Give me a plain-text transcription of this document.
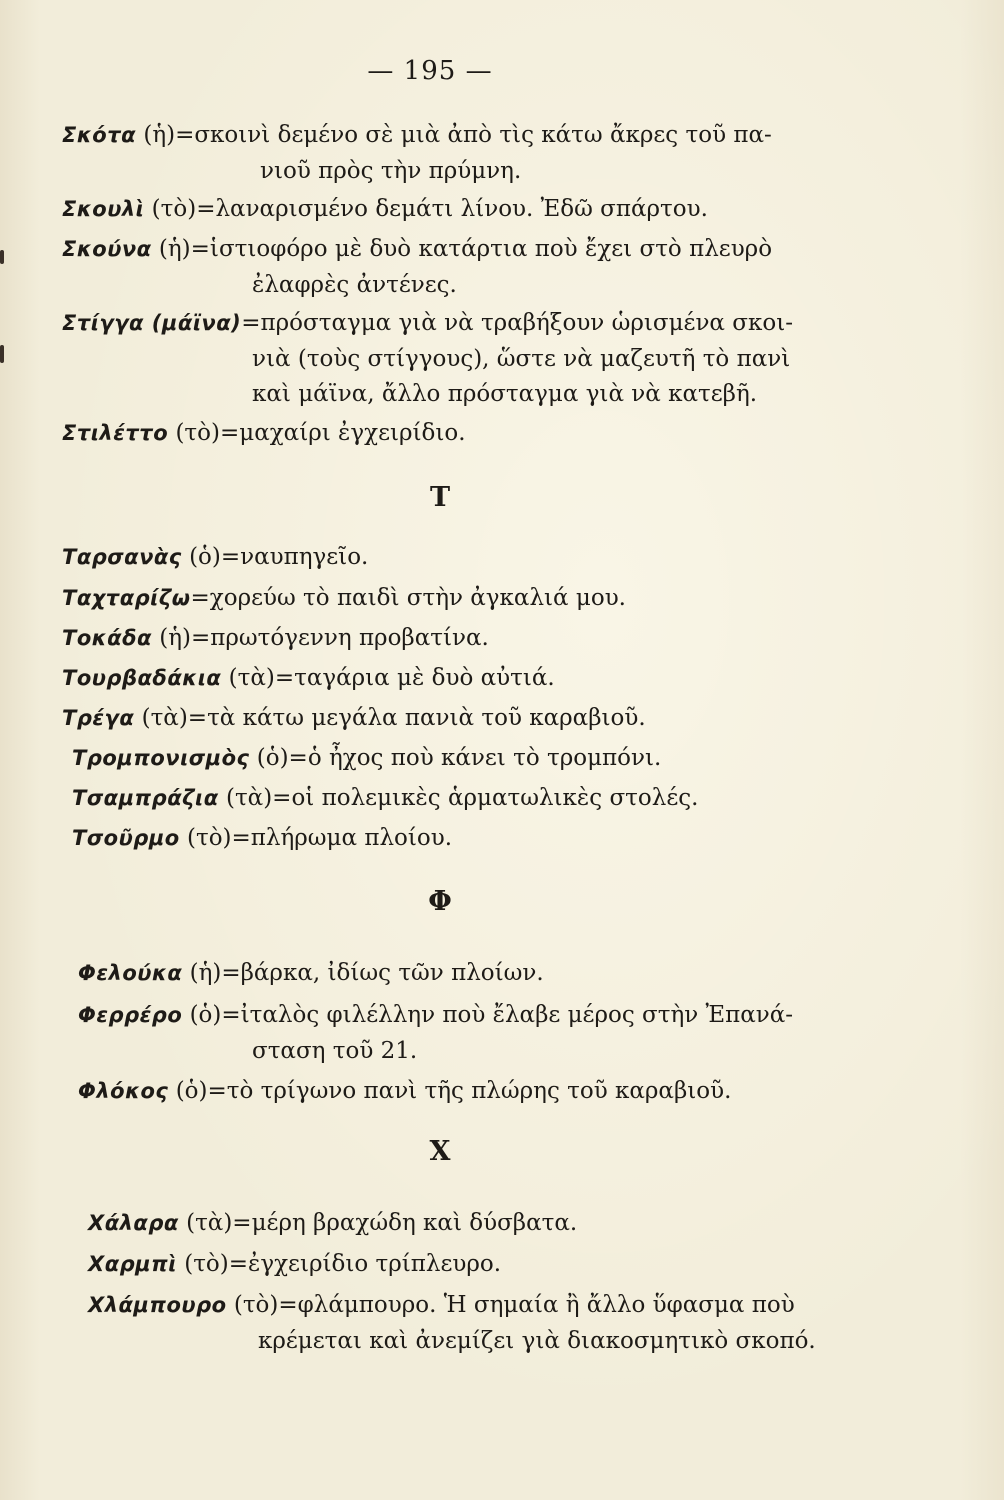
— 195 —
Σκότα (ἡ)=σκοινὶ δεμένο σὲ μιὰ ἀπὸ τὶς κάτω ἄκρες τοῦ πα-
νιοῦ πρὸς τὴν πρύμνη.
Σκουλὶ (τὸ)=λαναρισμένο δεμάτι λίνου. Ἐδῶ σπάρτου.
Σκούνα (ἡ)=ἱστιοφόρο μὲ δυὸ κατάρτια ποὺ ἔχει στὸ πλευρὸ
ἐλαφρὲς ἀντένες.
Στίγγα (μάϊνα)=πρόσταγμα γιὰ νὰ τραβήξουν ὡρισμένα σκοι-
νιὰ (τοὺς στίγγους), ὥστε νὰ μαζευτῆ τὸ πανὶ
καὶ μάϊνα, ἄλλο πρόσταγμα γιὰ νὰ κατεβῆ.
Στιλέττο (τὸ)=μαχαίρι ἐγχειρίδιο.
Τ
Ταρσανὰς (ὁ)=ναυπηγεῖο.
Ταχταρίζω=χορεύω τὸ παιδὶ στὴν ἀγκαλιά μου.
Τοκάδα (ἡ)=πρωτόγεννη προβατίνα.
Τουρβαδάκια (τὰ)=ταγάρια μὲ δυὸ αὐτιά.
Τρέγα (τὰ)=τὰ κάτω μεγάλα πανιὰ τοῦ καραβιοῦ.
Τρομπονισμὸς (ὁ)=ὁ ἦχος ποὺ κάνει τὸ τρομπόνι.
Τσαμπράζια (τὰ)=οἱ πολεμικὲς ἁρματωλικὲς στολές.
Τσοῦρμο (τὸ)=πλήρωμα πλοίου.
Φ
Φελούκα (ἡ)=βάρκα, ἰδίως τῶν πλοίων.
Φερρέρο (ὁ)=ἰταλὸς φιλέλλην ποὺ ἔλαβε μέρος στὴν Ἐπανά-
σταση τοῦ 21.
Φλόκος (ὁ)=τὸ τρίγωνο πανὶ τῆς πλώρης τοῦ καραβιοῦ.
Χ
Χάλαρα (τὰ)=μέρη βραχώδη καὶ δύσβατα.
Χαρμπὶ (τὸ)=ἐγχειρίδιο τρίπλευρο.
Χλάμπουρο (τὸ)=φλάμπουρο. Ἡ σημαία ἢ ἄλλο ὕφασμα ποὺ
κρέμεται καὶ ἀνεμίζει γιὰ διακοσμητικὸ σκοπό.
